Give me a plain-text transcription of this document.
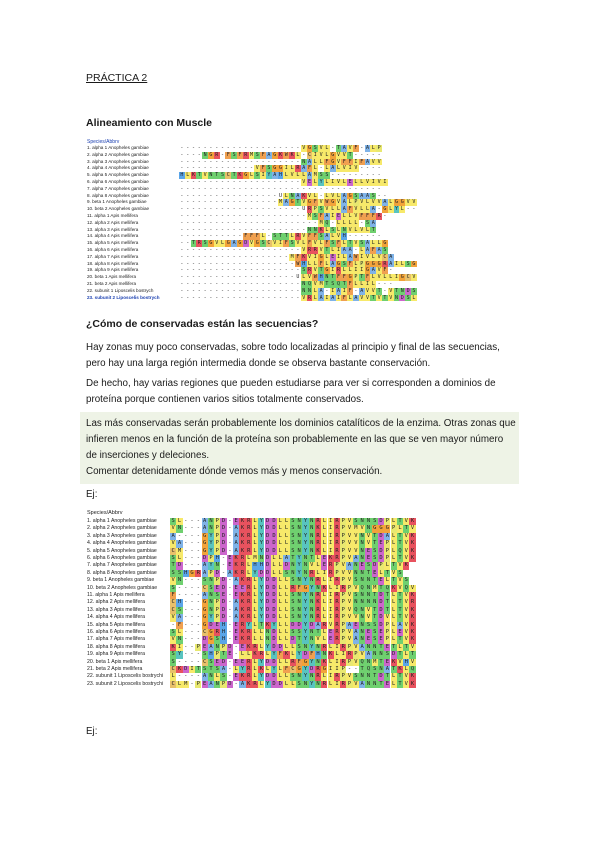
PRÁCTICA 2
Alineamiento con Muscle
Species/Abbrv
1. alpha 1 Anopheles gambiae	- - - - - - - - - - - - - - - - - - - - - V G S V L - T A V F - A L P
2. alpha 2 Anopheles gambiae	- - - - N G R - F S F R M S F A G K W K L - C I V L G V V T - - - - -
3. alpha 3 Anopheles gambiae	- - - - - - - - - - - - - - - - - - - - - N A L L F G V F F I F A V V
4. alpha 4 Anopheles gambiae	- - - - - - - - - - - - - V F S G G I L R A F L - L A L V I V - - - -
5. alpha 5 Anopheles gambiae	H L K T V N T S C T K G L S I Y A H L V L L A M S S - - - - - - - - -
6. alpha 6 Anopheles gambiae	- - - - - - - - - - - - - - - - - - - - - V E L Y L I V L E L L V I V I
7. alpha 7 Anopheles gambiae	- - - - - - - - - - - - - - - - - - - - - - - - - - - - - - - - - - -
8. alpha 8 Anopheles gambiae	- - - - - - - - - - - - - - - - - U L N A K V L - L V L A G S A A S - -
9. beta 1 Anopheles gambiae	- - - - - - - - - - - - - - - - - M A G T V G F V W G V A L P V L V V A L G G V V
10. beta 2 Anopheles gambiae	- - - - - - - - - - - - - - - - - - - - - U R P S V L L A F V L L A - G L Y L - -
11. alpha 1 Apis mellifera	- - - - - - - - - - - - - - - - - - - - - - M S F A I E L L V F F F R -
12. alpha 2 Apis mellifera	- - - - - - - - - - - - - - - - - - - - - - - - M Q - L L L L - S A
13. alpha 3 Apis mellifera	- - - - - - - - - - - - - - - - - - - - - - N N K L S L N V L V L T
14. alpha 4 Apis mellifera	- - - - - - - - - - - F F F L - S T T L R V F F S A L V H - - - - - -
15. alpha 5 Apis mellifera	- - T R S G V L G A G D V G S C V I F S V L F V L F S F L T V S A L L G
16. alpha 6 Apis mellifera	- - - - - - - - - - - - - - - - - - - - - V R R V T L I A A - L A F A S
17. alpha 7 Apis mellifera	- - - - - - - - - - - - - - - - - - - M F K V I G L E I L A W I V L V C A
18. alpha 8 Apis mellifera	- - - - - - - - - - - - - - - - - - - - W H L L F L A G S F L P G G G R A I L S G
19. alpha 9 Apis mellifera	- - - - - - - - - - - - - - - - - - - - - S R V T G I R L L I I G A V F -
20. beta 1 Apis mellifera	- - - - - - - - - - - - - - - - - - - - U L V W H N T F F G P T F L V L L I G C V
21. beta 2 Apis mellifera	- - - - - - - - - - - - - - - - - - - - - N Q V M T S Q T F L L I L - - -
22. subunit 1 Liposcelis bostrych	- - - - - - - - - - - - - - - - - - - - - N N L A - I A I F - A V V T - V T N D S
23. subunit 2 Liposcelis bostrych	- - - - - - - - - - - - - - - - - - - - - V R L A I A I F L A V V T V T V N D S L
¿Cómo de conservadas están las secuencias?
Hay zonas muy poco conservadas, sobre todo localizadas al principio y final de las secuencias, pero hay una larga región intermedia donde se observa bastante conservación.
De hecho, hay varias regiones que pueden estudiarse para ver si corresponden a dominios de proteína porque contienen varios sitios totalmente conservados.
Las más conservadas serán probablemente los dominios catalíticos de la enzima. Otras zonas que infieren menos en la función de la proteína son probablemente en las que se ven mayor número de inserciones y deleciones.
Comentar detenidamente dónde vemos más y menos conservación.
Ej:
Species/Abbrv
1. alpha 1 Anopheles gambiae	S L - - - A N P D - E K R L Y D D L L S N Y N R L I R P V S N N S D P L T V K
2. alpha 2 Anopheles gambiae	V N - - - A N P D - A K R L Y D D L L S N Y N K L I R P V M V N G G G P L T V
3. alpha 3 Anopheles gambiae	A - - - - G Y P D - A K R L Y D D L L S N Y N R L I R P V V N V T D A L T V K
4. alpha 4 Anopheles gambiae	V A - - - G Y P D - A K R L Y D D L L S N Y N R L I R P V V N V T E P L T V K
5. alpha 5 Anopheles gambiae	C M - - - G Y P D - A K R L Y D D L L S N Y N K L I R P V V N E S D P L Q V K
6. alpha 6 Anopheles gambiae	S L - - - D P H - E K R L M N D L L A T Y N T L E K R P V A N E S D P L T V K
7. alpha 7 Anopheles gambiae	T D - - - A Y N - E K R L H H D L L D N Y N V L E R P V A N E S D P L T V K
8. alpha 8 Anopheles gambiae	S S H G R A P D - A K R L Y D D L L S N Y N R L I R P V V N N T E L T V S
9. beta 1 Anopheles gambiae	V N - - - S N P D - A K R L Y D D L L S N Y N R L I R P V S N N T E L T V S
10. beta 2 Anopheles gambiae	S - - - - C S E D - E E R L Y D D L L R F G Y N K L I R P V Q N M T Q K V Q V
11. alpha 1 Apis mellifera	F - - - - A N S E - E K R L Y D D L L S N Y N R L I R P V S N N T D T L T V K
12. alpha 2 Apis mellifera	C H - - - G N P D - A K R L Y D D L L S N Y N K L I R P V N N N N D T L T V R
13. alpha 3 Apis mellifera	C S - - - G N P D - A K R L Y D D L L S N Y N R L I R P V Q N V T D T L T V K
14. alpha 4 Apis mellifera	V A - - - G Y P D - A K R L Y D D L L S N Y N R L I R P V V N V T D V L T V K
15. alpha 5 Apis mellifera	- F - - - G D E H - E R Y L T K Y L L D D Y D A R V R P A E N S S D P L A V K
16. alpha 6 Apis mellifera	S L - - - C G R H - E K R L L N D L L S S Y N T L E R P V A N E S E P L E V K
17. alpha 7 Apis mellifera	V N - - - D G S H - E K R L L N D L L D T Y N V L E R P V A N E S E P L T V K
18. alpha 8 Apis mellifera	K I - - P E A N P D - E K R L Y D D L L S N Y N R L I R P V A N N T E T L T V
19. alpha 9 Apis mellifera	S Y - - - S H P T E - L L K R L Y F K L Y D F H N K L I R P V A N N S D T L T
20. beta 1 Apis mellifera	S - - - - C S E D - E E R L Y D D L L R F G Y N K L I R P V Q N M T E K V H V
21. beta 2 Apis mellifera	C K D I T S T S A - L Y R L K L Y L F C G Y D R G I I P - - T Q S N A T K L Q
22. subunit 1 Liposcelis bostrychi	L - - - - A N L S - E K R L Y D D L L S N Y N R L I R P V S N N T D T L T V K
23. subunit 2 Liposcelis bostrychi	C L M - P E A N P D - A K R L Y D D L L S N Y N R L I R P V A N N T E L T V K
Ej:
